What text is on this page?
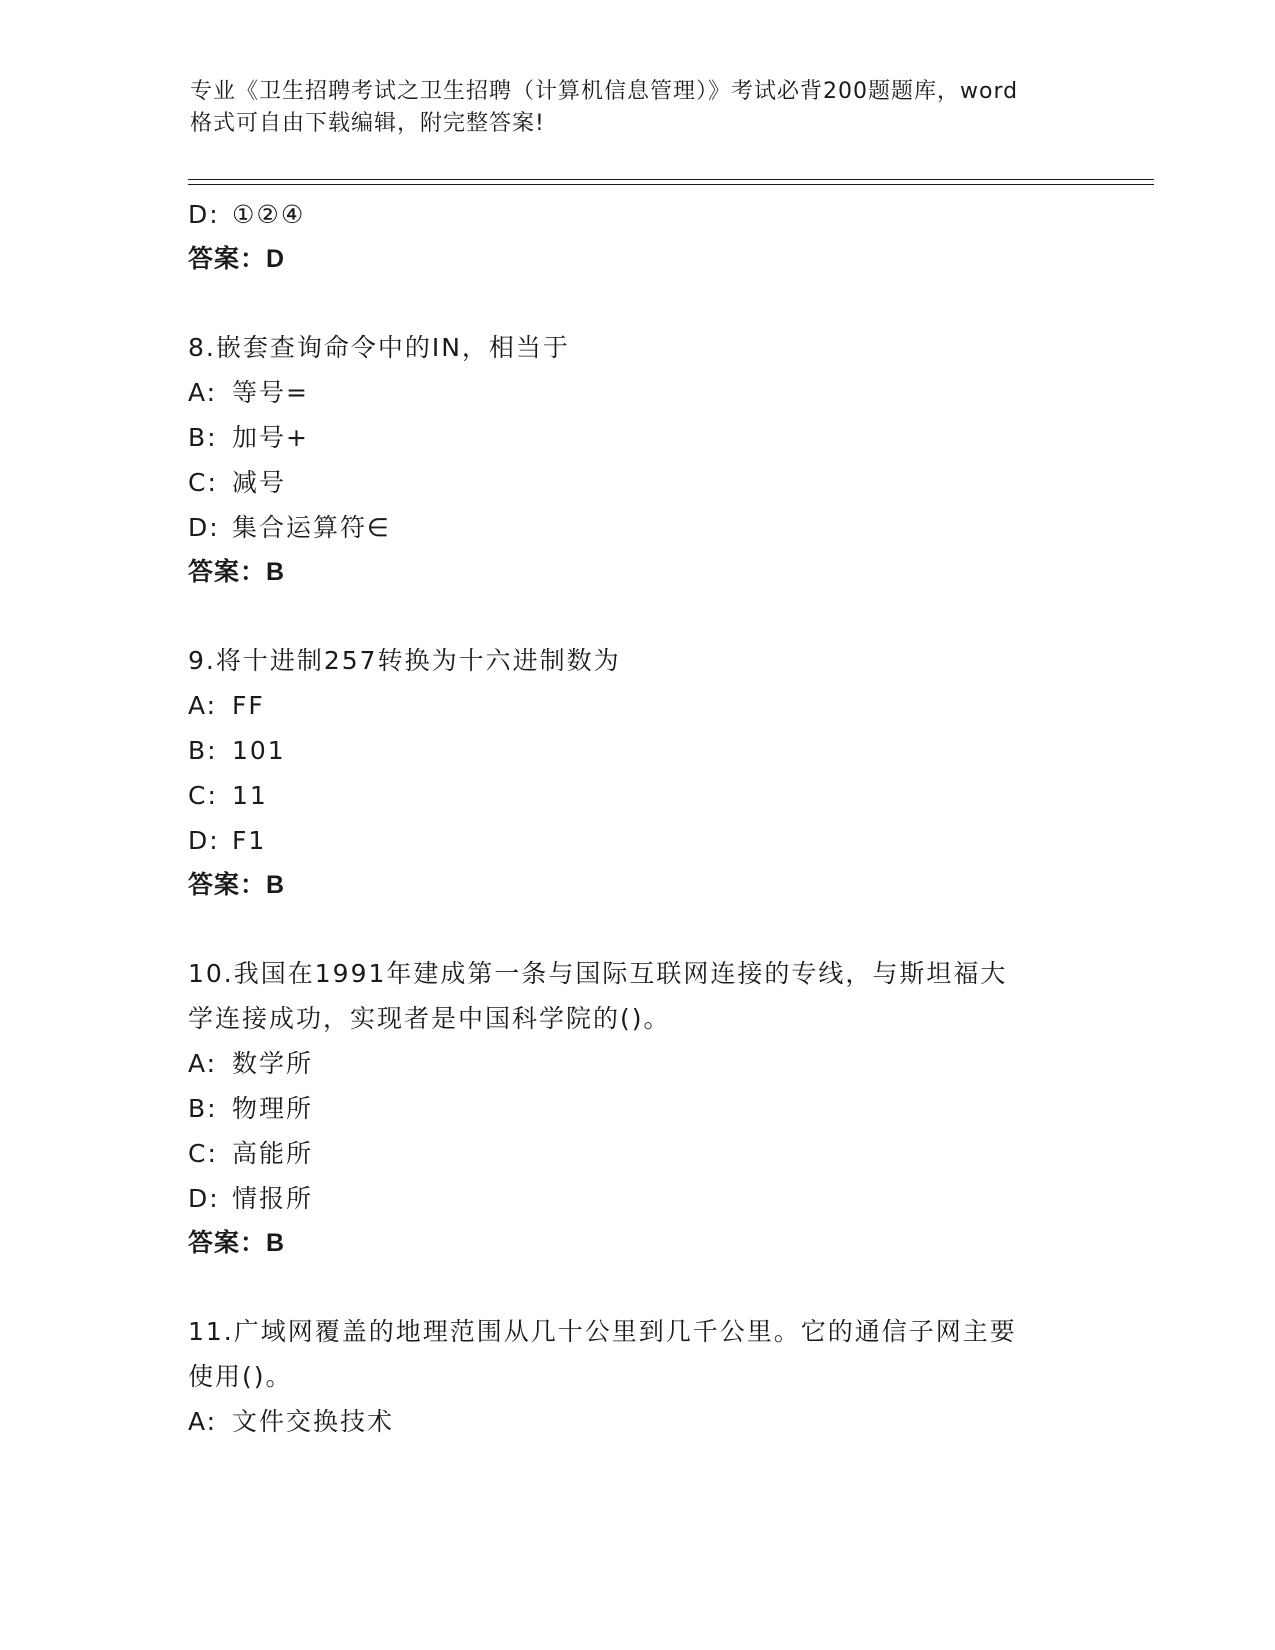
专业《卫生招聘考试之卫生招聘（计算机信息管理）》考试必背200题题库，word
格式可自由下载编辑，附完整答案!
D: ①②④
答案：D
8.嵌套查询命令中的IN，相当于
A: 等号=
B: 加号+
C: 减号
D: 集合运算符∈
答案：B
9.将十进制257转换为十六进制数为
A: FF
B: 101
C: 11
D: F1
答案：B
10.我国在1991年建成第一条与国际互联网连接的专线，与斯坦福大
学连接成功，实现者是中国科学院的()。
A: 数学所
B: 物理所
C: 高能所
D: 情报所
答案：B
11.广域网覆盖的地理范围从几十公里到几千公里。它的通信子网主要
使用()。
A: 文件交换技术
